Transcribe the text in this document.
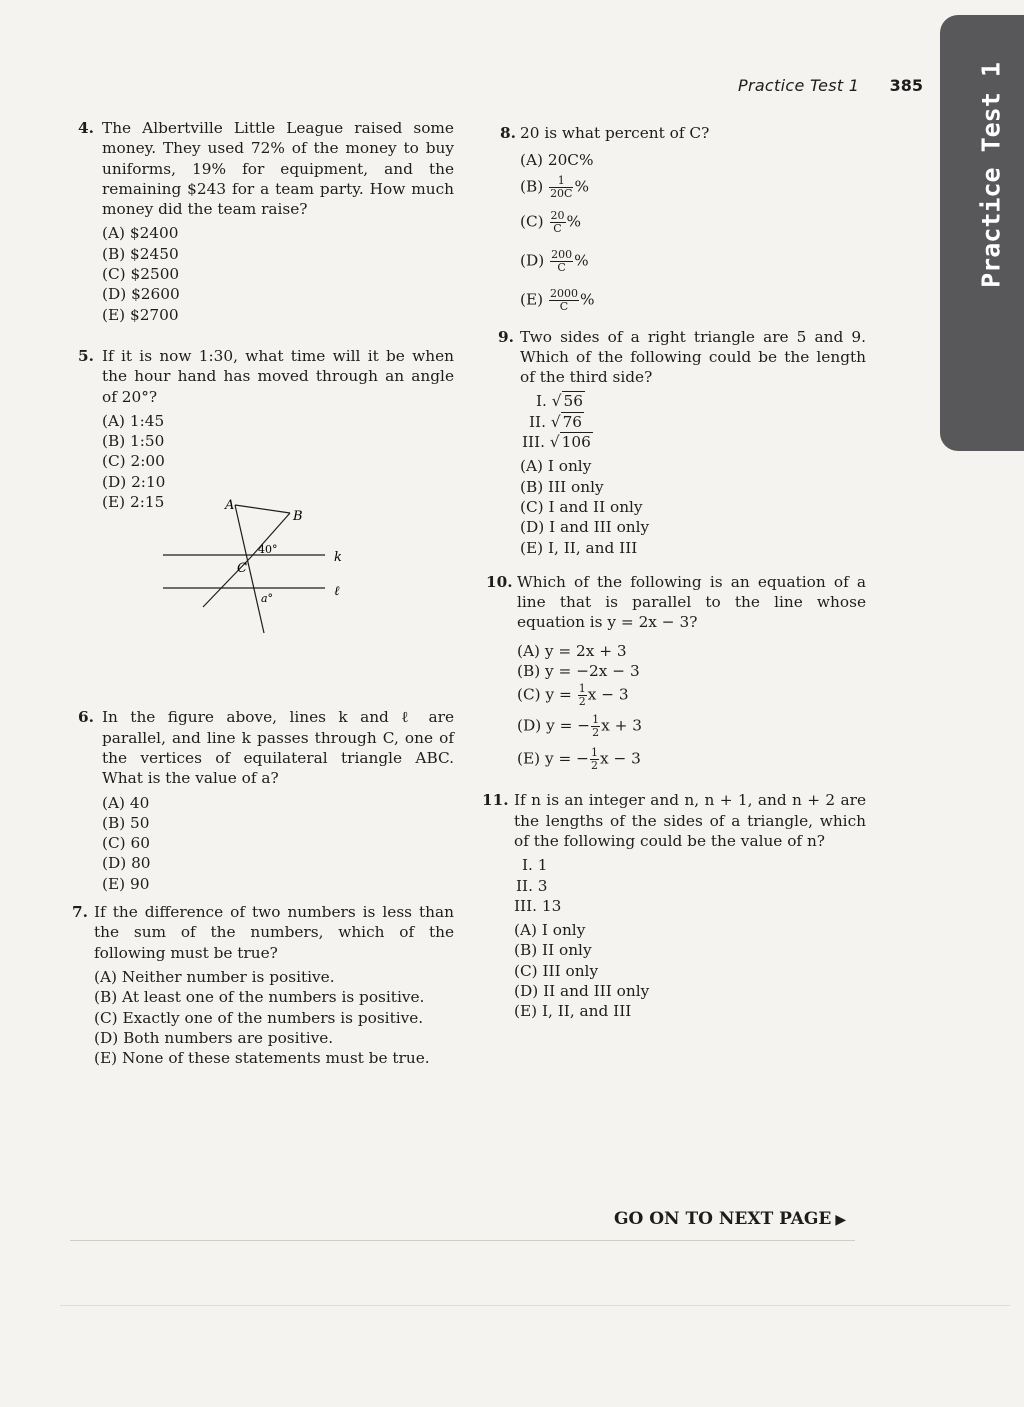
Practice Test 1 385 Practice Test 1
4. The Albertville Little League raised some money. They used 72% of the money to buy uniforms, 19% for equipment, and the remaining $243 for a team party. How much money did the team raise?
(A) $2400
(B) $2450
(C) $2500
(D) $2600
(E) $2700
5. If it is now 1:30, what time will it be when the hour hand has moved through an angle of 20°?
(A) 1:45
(B) 1:50
(C) 2:00
(D) 2:10
(E) 2:15
6. In the figure above, lines k and ℓ are parallel, and line k passes through C, one of the vertices of equilateral triangle ABC. What is the value of a?
(A) 40
(B) 50
(C) 60
(D) 80
(E) 90
7. If the difference of two numbers is less than the sum of the numbers, which of the following must be true?
(A) Neither number is positive.
(B) At least one of the numbers is positive.
(C) Exactly one of the numbers is positive.
(D) Both numbers are positive.
(E) None of these statements must be true.
A
B
C
40°
a°
k
ℓ
8. 20 is what percent of C?
(A) 20C%
$(B) \frac{1}{20C}$ %
$(C) \frac{20}{C}$ %
$(D) \frac{200}{C}$ %
$(E) \frac{2000}{C}$ %
9. Two sides of a right triangle are 5 and 9. Which of the following could be the length of the third side?
I. √ 56
II. √ 76
III. √ 106
(A) I only
(B) III only
(C) I and II only
(D) I and III only
(E) I, II, and III
10. Which of the following is an equation of a line that is parallel to the line whose equation is y = 2x − 3?
(A) y = 2x + 3
(B) y = −2x − 3
(C) $y = \frac{1}{2}$ x − 3
(D) y = − $\frac{1}{2}$ x + 3
(E) y = − $\frac{1}{2}$ x − 3
11. If n is an integer and n, n + 1, and n + 2 are the lengths of the sides of a triangle, which of the following could be the value of n?
I. 1
II. 3
III. 13
(A) I only
(B) II only
(C) III only
(D) II and III only
(E) I, II, and III
GO ON TO NEXT PAGE ▶
